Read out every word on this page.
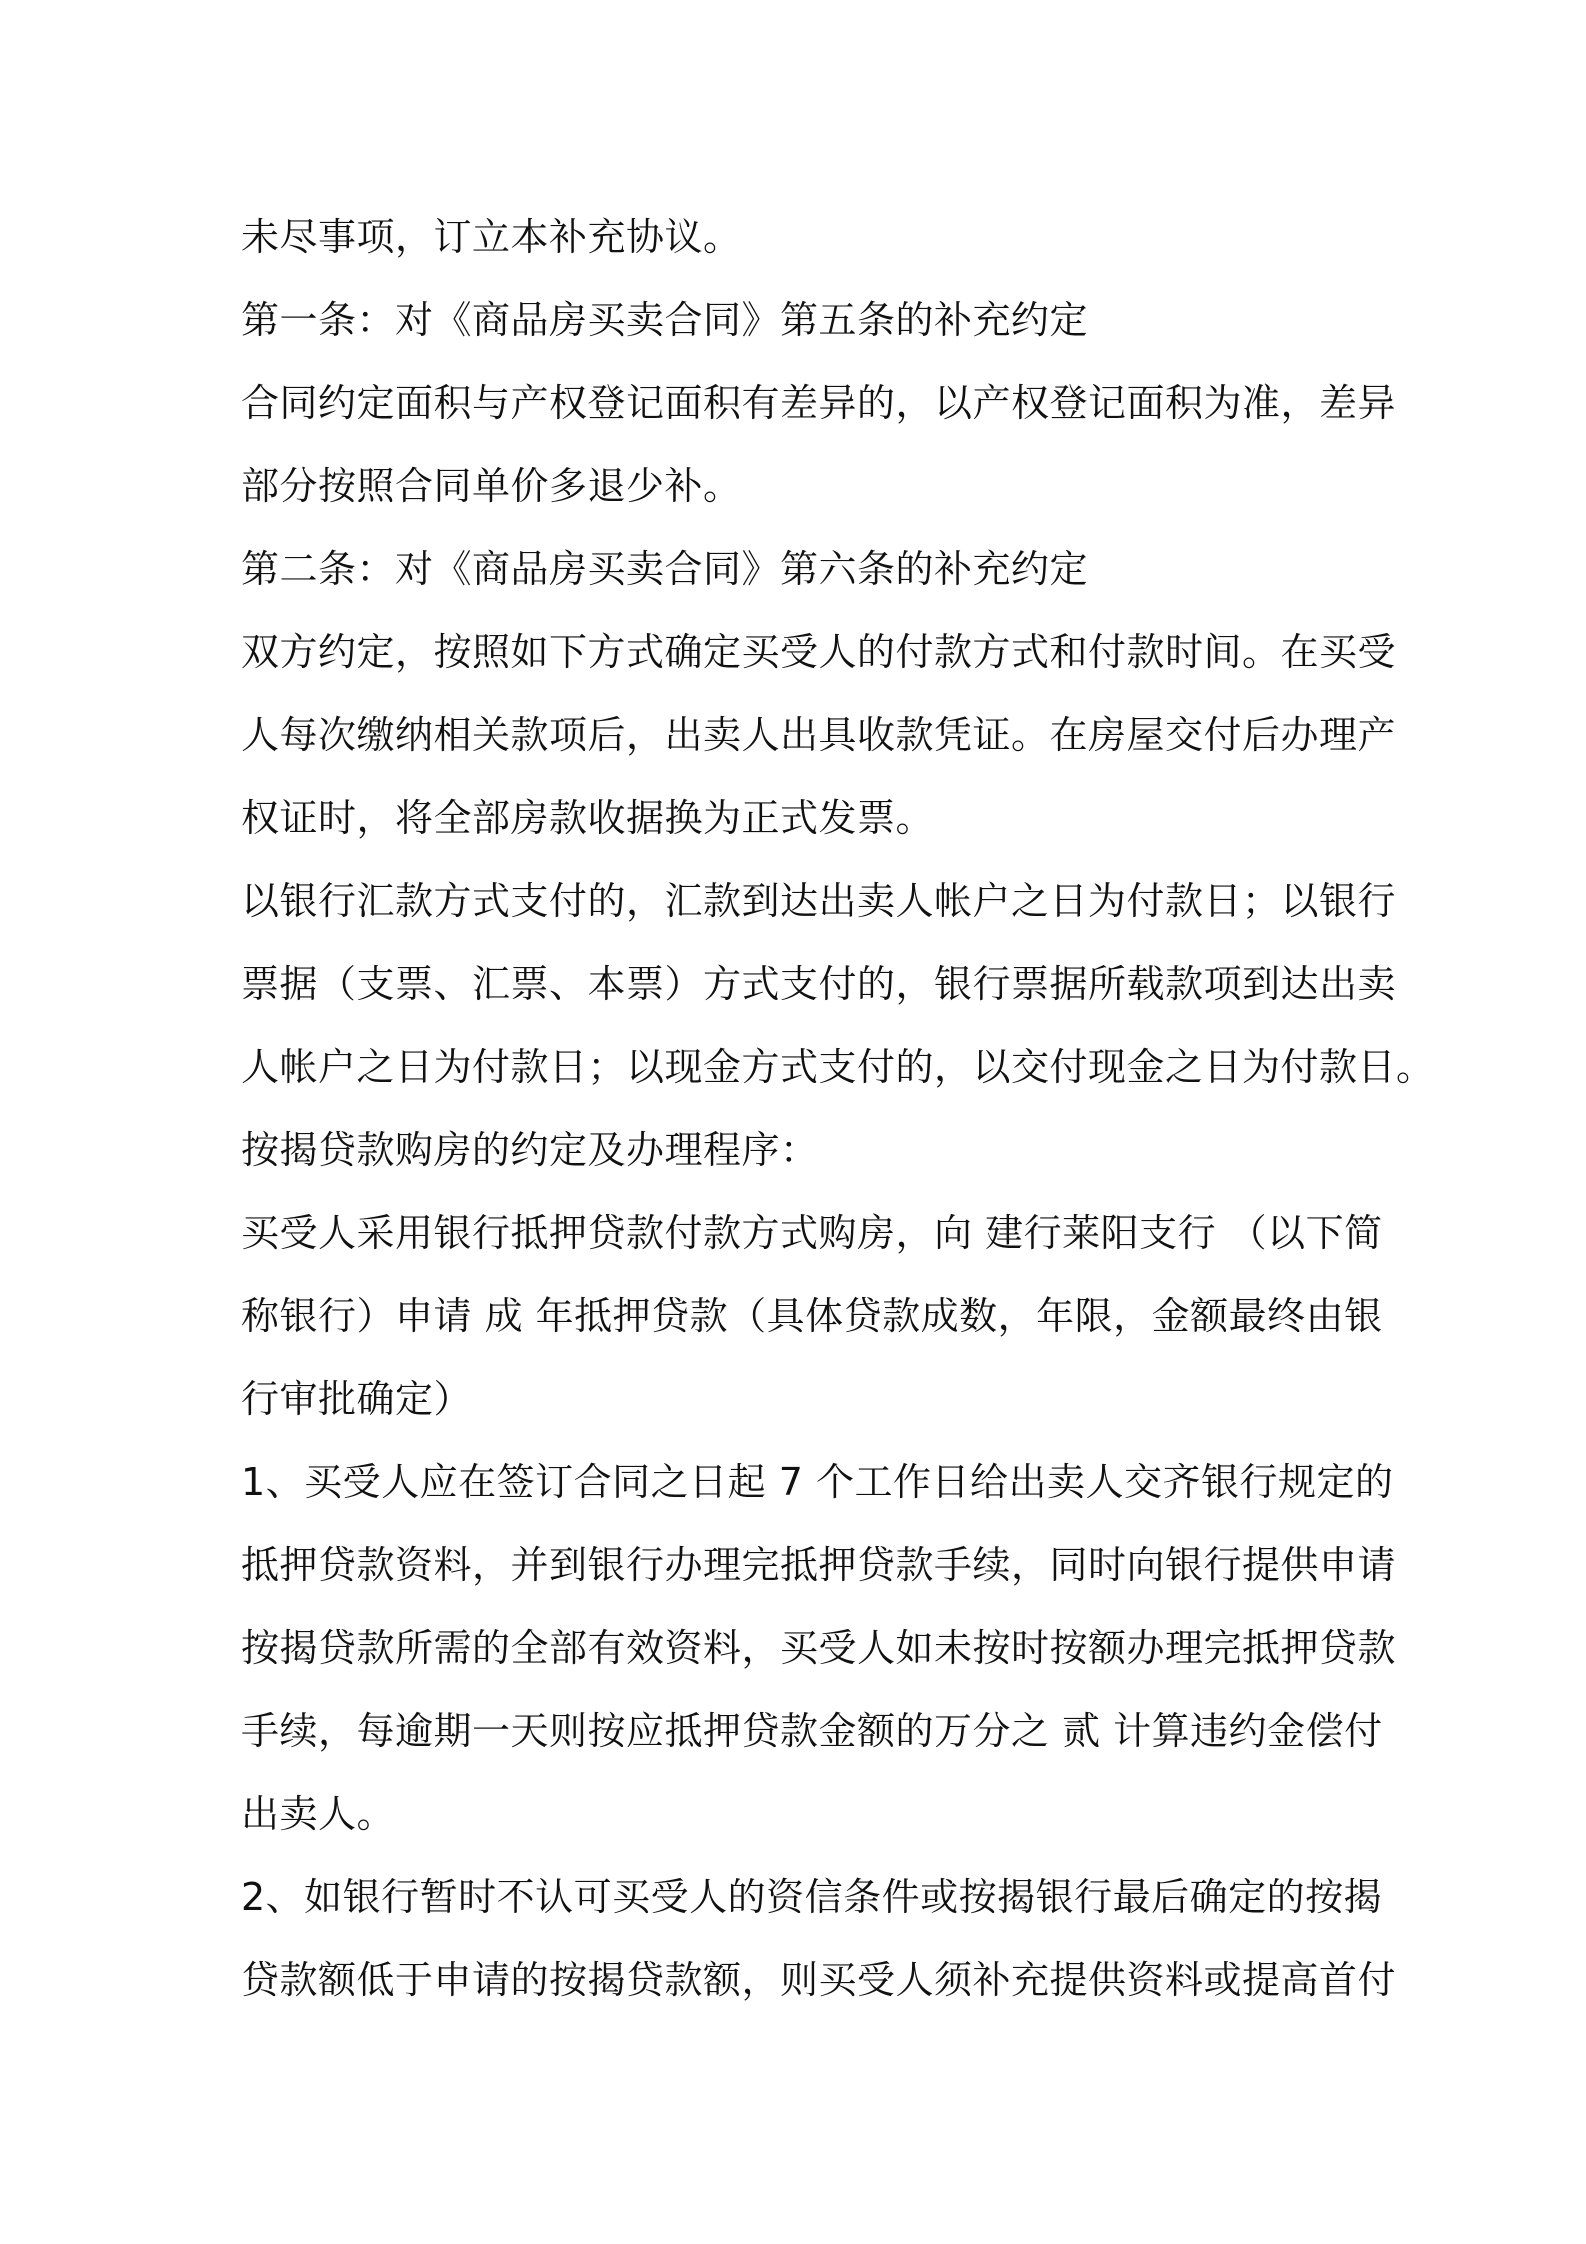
未尽事项，订立本补充协议。
第一条：对《商品房买卖合同》第五条的补充约定
合同约定面积与产权登记面积有差异的，以产权登记面积为准，差异
部分按照合同单价多退少补。
第二条：对《商品房买卖合同》第六条的补充约定
双方约定，按照如下方式确定买受人的付款方式和付款时间。在买受
人每次缴纳相关款项后，出卖人出具收款凭证。在房屋交付后办理产
权证时，将全部房款收据换为正式发票。
以银行汇款方式支付的，汇款到达出卖人帐户之日为付款日；以银行
票据（支票、汇票、本票）方式支付的，银行票据所载款项到达出卖
人帐户之日为付款日；以现金方式支付的，以交付现金之日为付款日。
按揭贷款购房的约定及办理程序：
买受人采用银行抵押贷款付款方式购房，向 建行莱阳支行 （以下简
称银行）申请 成 年抵押贷款（具体贷款成数，年限，金额最终由银
行审批确定）
1、买受人应在签订合同之日起 7 个工作日给出卖人交齐银行规定的
抵押贷款资料，并到银行办理完抵押贷款手续，同时向银行提供申请
按揭贷款所需的全部有效资料，买受人如未按时按额办理完抵押贷款
手续，每逾期一天则按应抵押贷款金额的万分之 贰 计算违约金偿付
出卖人。
2、如银行暂时不认可买受人的资信条件或按揭银行最后确定的按揭
贷款额低于申请的按揭贷款额，则买受人须补充提供资料或提高首付
